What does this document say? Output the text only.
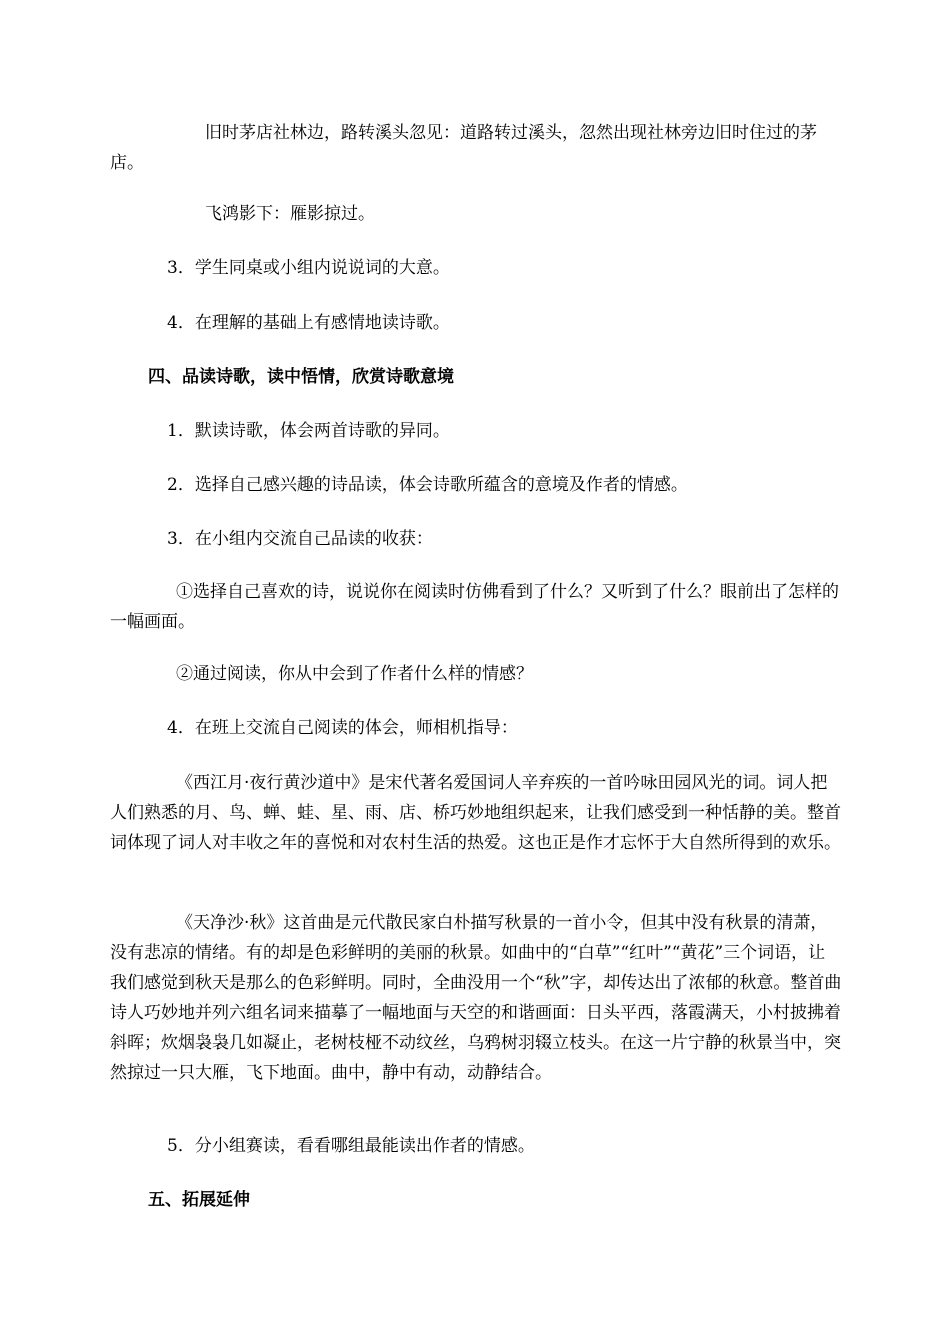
旧时茅店社林边，路转溪头忽见：道路转过溪头，忽然出现社林旁边旧时住过的茅店。
飞鸿影下：雁影掠过。
3．学生同桌或小组内说说词的大意。
4．在理解的基础上有感情地读诗歌。
四、品读诗歌，读中悟情，欣赏诗歌意境
1．默读诗歌，体会两首诗歌的异同。
2．选择自己感兴趣的诗品读，体会诗歌所蕴含的意境及作者的情感。
3．在小组内交流自己品读的收获：
①选择自己喜欢的诗，说说你在阅读时仿佛看到了什么？又听到了什么？眼前出了怎样的一幅画面。
②通过阅读，你从中会到了作者什么样的情感？
4．在班上交流自己阅读的体会，师相机指导：
《西江月·夜行黄沙道中》是宋代著名爱国词人辛弃疾的一首吟咏田园风光的词。词人把人们熟悉的月、鸟、蝉、蛙、星、雨、店、桥巧妙地组织起来，让我们感受到一种恬静的美。整首词体现了词人对丰收之年的喜悦和对农村生活的热爱。这也正是作才忘怀于大自然所得到的欢乐。
《天净沙·秋》这首曲是元代散民家白朴描写秋景的一首小令，但其中没有秋景的清萧，没有悲凉的情绪。有的却是色彩鲜明的美丽的秋景。如曲中的“白草”“红叶”“黄花”三个词语，让我们感觉到秋天是那么的色彩鲜明。同时，全曲没用一个“秋”字，却传达出了浓郁的秋意。整首曲诗人巧妙地并列六组名词来描摹了一幅地面与天空的和谐画面：日头平西，落霞满天，小村披拂着斜晖；炊烟袅袅几如凝止，老树枝桠不动纹丝，乌鸦树羽辍立枝头。在这一片宁静的秋景当中，突然掠过一只大雁，飞下地面。曲中，静中有动，动静结合。
5．分小组赛读，看看哪组最能读出作者的情感。
五、拓展延伸
